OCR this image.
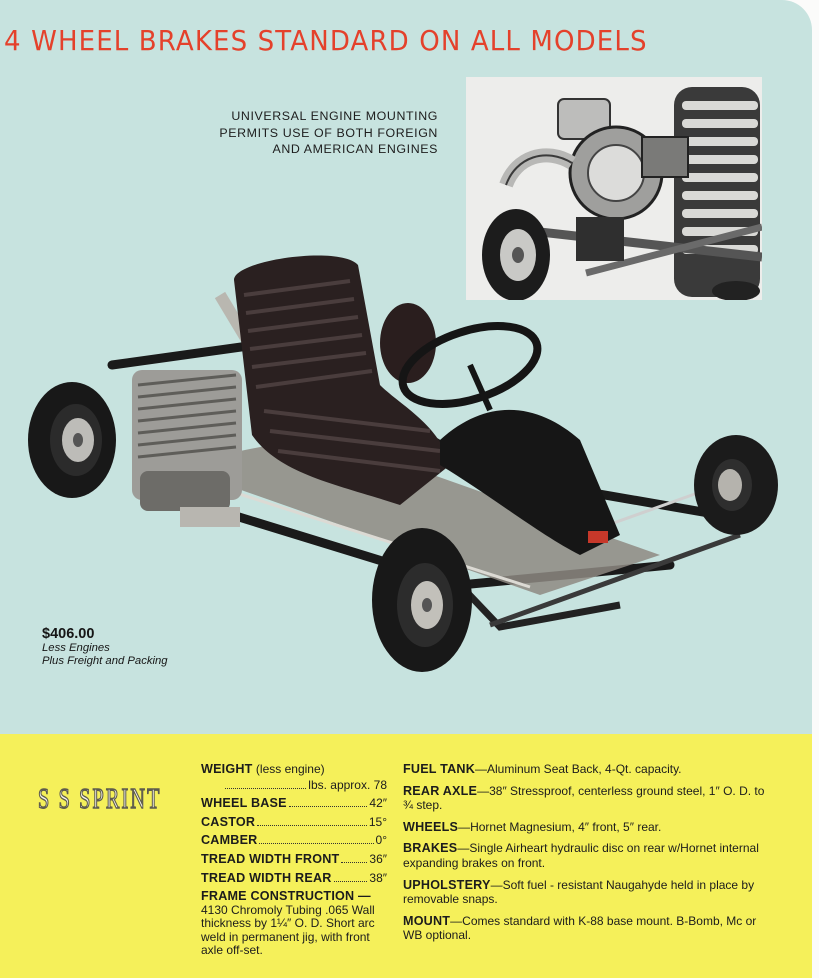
4 WHEEL BRAKES STANDARD ON ALL MODELS
UNIVERSAL ENGINE MOUNTING
PERMITS USE OF BOTH FOREIGN
AND AMERICAN ENGINES
$406.00
Less Engines
Plus Freight and Packing
S S SPRINT
WEIGHT (less engine)
lbs. approx. 78
WHEEL BASE	42″
CASTOR	15°
CAMBER	0°
TREAD WIDTH FRONT 36″
TREAD WIDTH REAR	38″
FRAME CONSTRUCTION —
4130 Chromoly Tubing .065 Wall thickness by 1¼″ O. D. Short arc weld in permanent jig, with front axle off-set.
FUEL TANK—Aluminum Seat Back, 4-Qt. capacity.
REAR AXLE—38″ Stressproof, centerless ground steel, 1″ O. D. to ¾ step.
WHEELS—Hornet Magnesium, 4″ front, 5″ rear.
BRAKES—Single Airheart hydraulic disc on rear w/Hornet internal expanding brakes on front.
UPHOLSTERY—Soft fuel - resistant Naugahyde held in place by removable snaps.
MOUNT—Comes standard with K-88 base mount. B-Bomb, Mc or WB optional.
